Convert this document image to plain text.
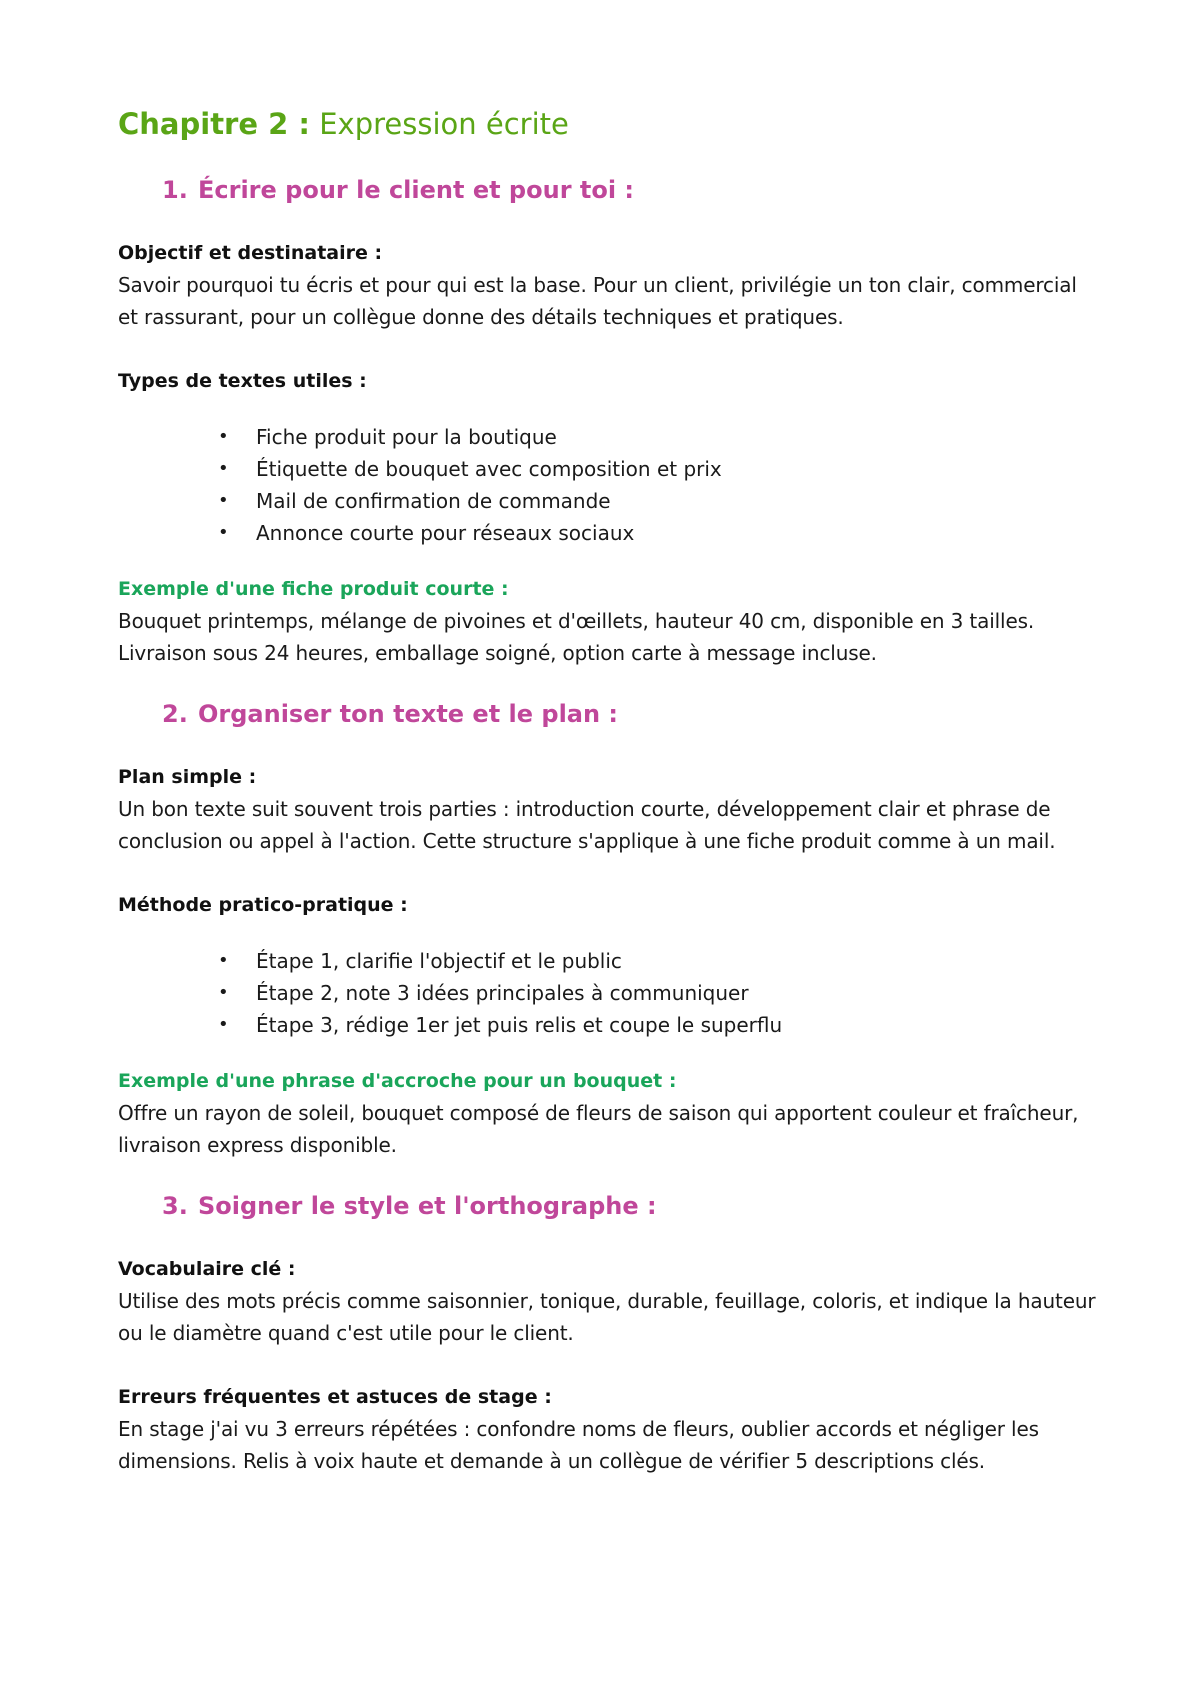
Chapitre 2 : Expression écrite
1. Écrire pour le client et pour toi :

Objectif et destinataire :

Savoir pourquoi tu écris et pour qui est la base. Pour un client, privilégie un ton clair, commercial et rassurant, pour un collègue donne des détails techniques et pratiques.

Types de textes utiles :

•	Fiche produit pour la boutique
•	Étiquette de bouquet avec composition et prix
•	Mail de confirmation de commande
•	Annonce courte pour réseaux sociaux

Exemple d'une fiche produit courte :

Bouquet printemps, mélange de pivoines et d'œillets, hauteur 40 cm, disponible en 3 tailles. Livraison sous 24 heures, emballage soigné, option carte à message incluse.

2. Organiser ton texte et le plan :

Plan simple :

Un bon texte suit souvent trois parties : introduction courte, développement clair et phrase de conclusion ou appel à l'action. Cette structure s'applique à une fiche produit comme à un mail.

Méthode pratico-pratique :

•	Étape 1, clarifie l'objectif et le public
•	Étape 2, note 3 idées principales à communiquer
•	Étape 3, rédige 1er jet puis relis et coupe le superflu

Exemple d'une phrase d'accroche pour un bouquet :

Offre un rayon de soleil, bouquet composé de fleurs de saison qui apportent couleur et fraîcheur, livraison express disponible.

3. Soigner le style et l'orthographe :

Vocabulaire clé :

Utilise des mots précis comme saisonnier, tonique, durable, feuillage, coloris, et indique la hauteur ou le diamètre quand c'est utile pour le client.

Erreurs fréquentes et astuces de stage :

En stage j'ai vu 3 erreurs répétées : confondre noms de fleurs, oublier accords et négliger les dimensions. Relis à voix haute et demande à un collègue de vérifier 5 descriptions clés.
